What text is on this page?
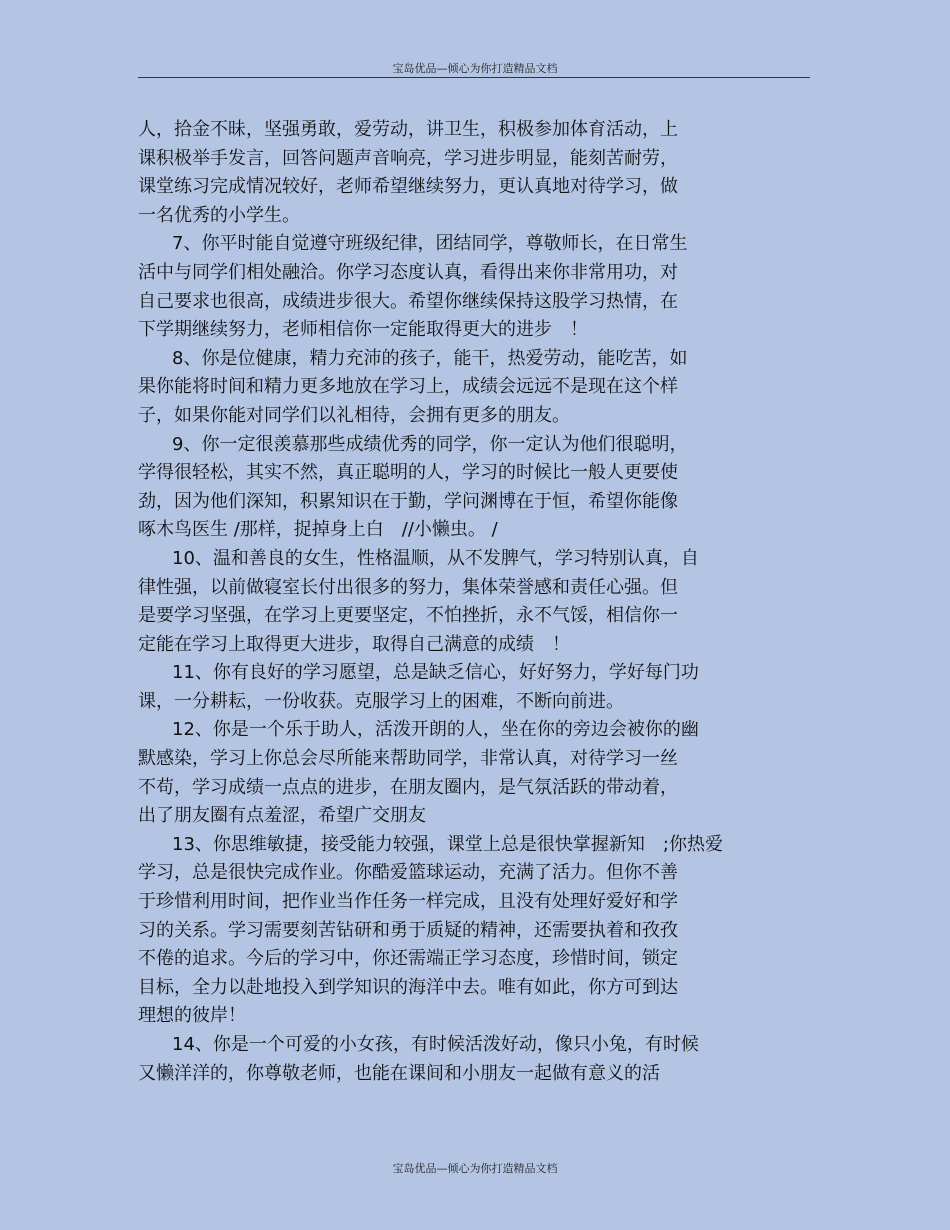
宝岛优品—倾心为你打造精品文档
人，拾金不昧，坚强勇敢，爱劳动，讲卫生，积极参加体育活动，上
课积极举手发言，回答问题声音响亮，学习进步明显，能刻苦耐劳，
课堂练习完成情况较好，老师希望继续努力，更认真地对待学习，做
一名优秀的小学生。
7、你平时能自觉遵守班级纪律，团结同学，尊敬师长，在日常生
活中与同学们相处融洽。你学习态度认真，看得出来你非常用功，对
自己要求也很高，成绩进步很大。希望你继续保持这股学习热情，在
下学期继续努力，老师相信你一定能取得更大的进步　！
8、你是位健康，精力充沛的孩子，能干，热爱劳动，能吃苦，如
果你能将时间和精力更多地放在学习上，成绩会远远不是现在这个样
子，如果你能对同学们以礼相待，会拥有更多的朋友。
9、你一定很羡慕那些成绩优秀的同学，你一定认为他们很聪明，
学得很轻松，其实不然，真正聪明的人，学习的时候比一般人更要使
劲，因为他们深知，积累知识在于勤，学问渊博在于恒，希望你能像
啄木鸟医生 /那样，捉掉身上白　//小懒虫。 /
10、温和善良的女生，性格温顺，从不发脾气，学习特别认真，自
律性强，以前做寝室长付出很多的努力，集体荣誉感和责任心强。但
是要学习坚强，在学习上更要坚定，不怕挫折，永不气馁，相信你一
定能在学习上取得更大进步，取得自己满意的成绩　！
11、你有良好的学习愿望，总是缺乏信心，好好努力，学好每门功
课，一分耕耘，一份收获。克服学习上的困难，不断向前进。
12、你是一个乐于助人，活泼开朗的人，坐在你的旁边会被你的幽
默感染，学习上你总会尽所能来帮助同学，非常认真，对待学习一丝
不苟，学习成绩一点点的进步，在朋友圈内，是气氛活跃的带动着，
出了朋友圈有点羞涩，希望广交朋友
13、你思维敏捷，接受能力较强，课堂上总是很快掌握新知　;你热爱
学习，总是很快完成作业。你酷爱篮球运动，充满了活力。但你不善
于珍惜利用时间，把作业当作任务一样完成，且没有处理好爱好和学
习的关系。学习需要刻苦钻研和勇于质疑的精神，还需要执着和孜孜
不倦的追求。今后的学习中，你还需端正学习态度，珍惜时间，锁定
目标，全力以赴地投入到学知识的海洋中去。唯有如此，你方可到达
理想的彼岸！
14、你是一个可爱的小女孩，有时候活泼好动，像只小兔，有时候
又懒洋洋的，你尊敬老师，也能在课间和小朋友一起做有意义的活
宝岛优品—倾心为你打造精品文档
